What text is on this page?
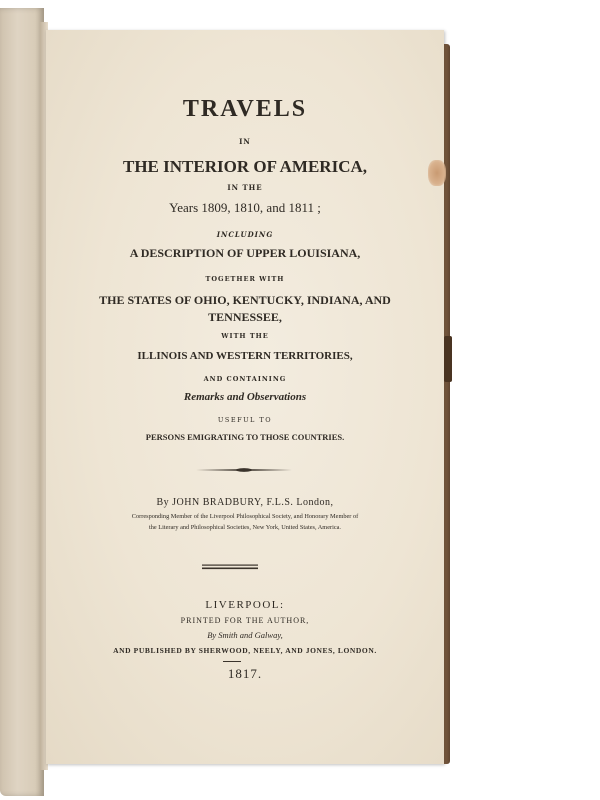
TRAVELS
IN
THE INTERIOR OF AMERICA,
IN THE
Years 1809, 1810, and 1811 ;
INCLUDING
A DESCRIPTION OF UPPER LOUISIANA,
TOGETHER WITH
THE STATES OF OHIO, KENTUCKY, INDIANA, AND
TENNESSEE,
WITH THE
ILLINOIS AND WESTERN TERRITORIES,
AND CONTAINING
Remarks and Observations
USEFUL TO
PERSONS EMIGRATING TO THOSE COUNTRIES.
By JOHN BRADBURY, F.L.S. London,
Corresponding Member of the Liverpool Philosophical Society, and Honorary Member of
the Literary and Philosophical Societies, New York, United States, America.
LIVERPOOL:
PRINTED FOR THE AUTHOR,
By Smith and Galway,
AND PUBLISHED BY SHERWOOD, NEELY, AND JONES, LONDON.
1817.
